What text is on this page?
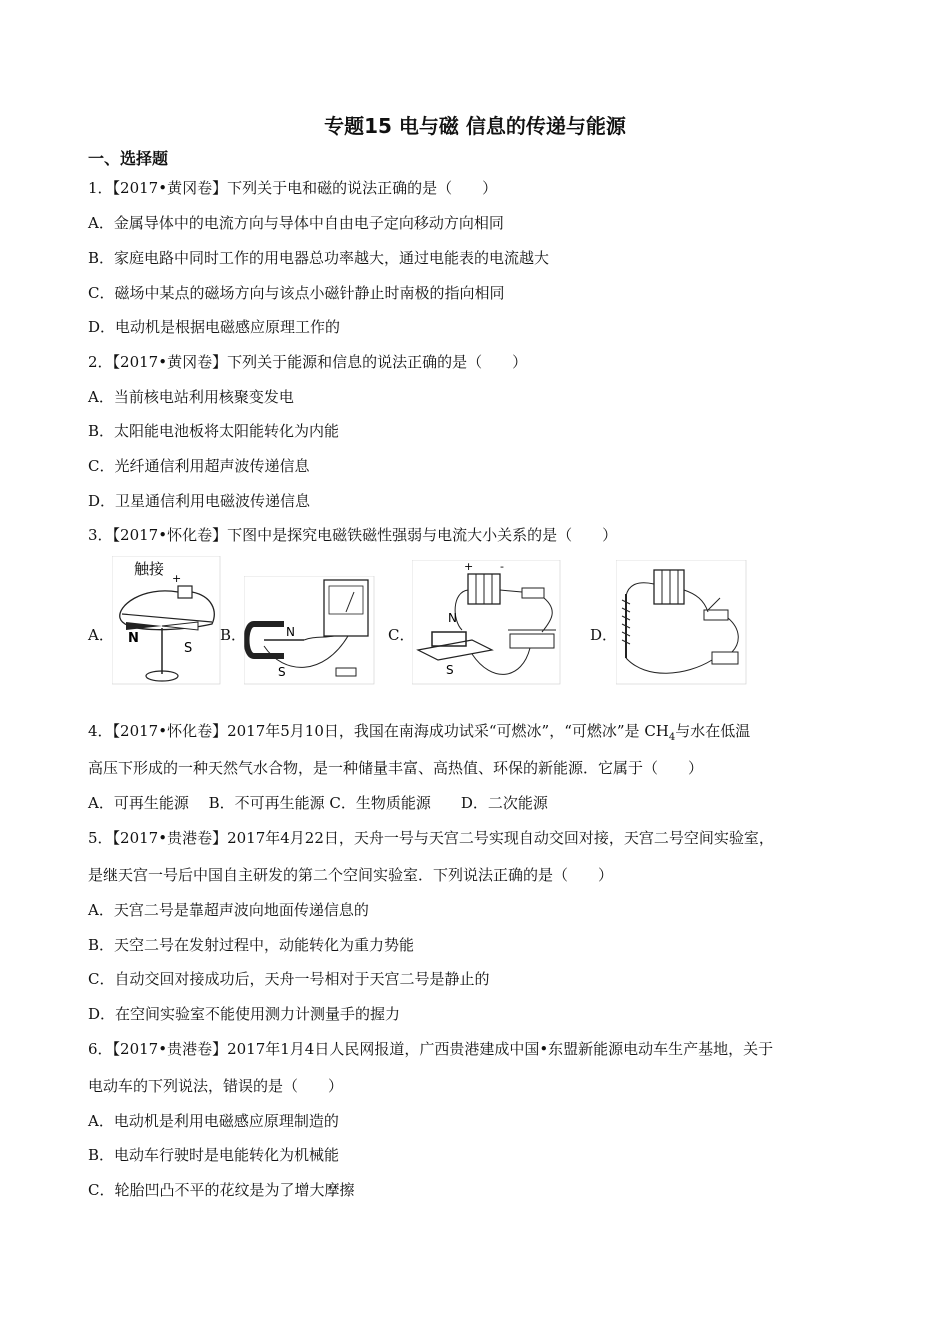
专题15 电与磁 信息的传递与能源
一、选择题
1．【2017•黄冈卷】下列关于电和磁的说法正确的是（　　）
A．金属导体中的电流方向与导体中自由电子定向移动方向相同
B．家庭电路中同时工作的用电器总功率越大，通过电能表的电流越大
C．磁场中某点的磁场方向与该点小磁针静止时南极的指向相同
D．电动机是根据电磁感应原理工作的
2．【2017•黄冈卷】下列关于能源和信息的说法正确的是（　　）
A．当前核电站利用核聚变发电
B．太阳能电池板将太阳能转化为内能
C．光纤通信利用超声波传递信息
D．卫星通信利用电磁波传递信息
3．【2017•怀化卷】下图中是探究电磁铁磁性强弱与电流大小关系的是（　　）
A．	B．	C．	D．
触接
+
N
S
N
S
+ -
N
S
4．【2017•怀化卷】2017年5月10日，我国在南海成功试采“可燃冰”，“可燃冰”是 $CH_4$与水在低温
高压下形成的一种天然气水合物，是一种储量丰富、高热值、环保的新能源．它属于（　　）
A．可再生能源　 B．不可再生能源 C．生物质能源　　D．二次能源
5．【2017•贵港卷】2017年4月22日，天舟一号与天宫二号实现自动交回对接，天宫二号空间实验室，
是继天宫一号后中国自主研发的第二个空间实验室．下列说法正确的是（　　）
A．天宫二号是靠超声波向地面传递信息的
B．天空二号在发射过程中，动能转化为重力势能
C．自动交回对接成功后，天舟一号相对于天宫二号是静止的
D．在空间实验室不能使用测力计测量手的握力
6．【2017•贵港卷】2017年1月4日人民网报道，广西贵港建成中国•东盟新能源电动车生产基地，关于
电动车的下列说法，错误的是（　　）
A．电动机是利用电磁感应原理制造的
B．电动车行驶时是电能转化为机械能
C．轮胎凹凸不平的花纹是为了增大摩擦
